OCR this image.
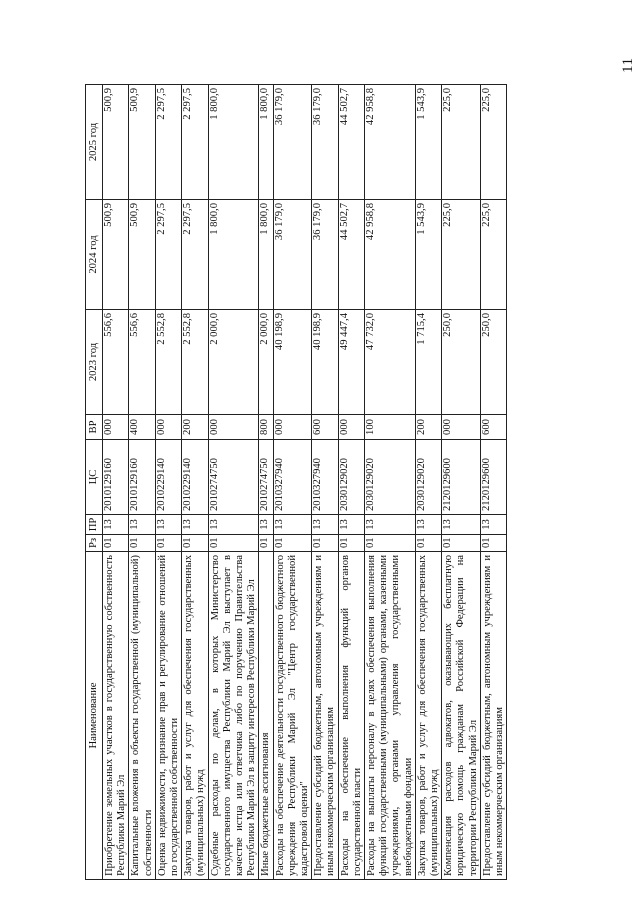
11
Наименование	Рз	ПР	ЦС	ВР	2023 год	2024 год	2025 год
Приобретение земельных участков в государственную собственность Республики Марий Эл	01	13	2010129160	000	556,6	500,9	500,9
Капитальные вложения в объекты государственной (муниципальной) собственности	01	13	2010129160	400	556,6	500,9	500,9
Оценка недвижимости, признание прав и регулирование отношений по государственной собственности	01	13	2010229140	000	2 552,8	2 297,5	2 297,5
Закупка товаров, работ и услуг для обеспечения государственных (муниципальных) нужд	01	13	2010229140	200	2 552,8	2 297,5	2 297,5
Судебные расходы по делам, в которых Министерство государственного имущества Республики Марий Эл выступает в качестве истца или ответчика либо по поручению Правительства Республики Марий Эл в защиту интересов Республики Марий Эл	01	13	2010274750	000	2 000,0	1 800,0	1 800,0
Иные бюджетные ассигнования	01	13	2010274750	800	2 000,0	1 800,0	1 800,0
Расходы на обеспечение деятельности государственного бюджетного учреждения Республики Марий Эл "Центр государственной кадастровой оценки"	01	13	2010327940	000	40 198,9	36 179,0	36 179,0
Предоставление субсидий бюджетным, автономным учреждениям и иным некоммерческим организациям	01	13	2010327940	600	40 198,9	36 179,0	36 179,0
Расходы на обеспечение выполнения функций органов государственной власти	01	13	2030129020	000	49 447,4	44 502,7	44 502,7
Расходы на выплаты персоналу в целях обеспечения выполнения функций государственными (муниципальными) органами, казенными учреждениями, органами управления государственными внебюджетными фондами	01	13	2030129020	100	47 732,0	42 958,8	42 958,8
Закупка товаров, работ и услуг для обеспечения государственных (муниципальных) нужд	01	13	2030129020	200	1 715,4	1 543,9	1 543,9
Компенсация расходов адвокатов, оказывающих бесплатную юридическую помощь гражданам Российской Федерации на территории Республики Марий Эл	01	13	2120129600	000	250,0	225,0	225,0
Предоставление субсидий бюджетным, автономным учреждениям и иным некоммерческим организациям	01	13	2120129600	600	250,0	225,0	225,0
